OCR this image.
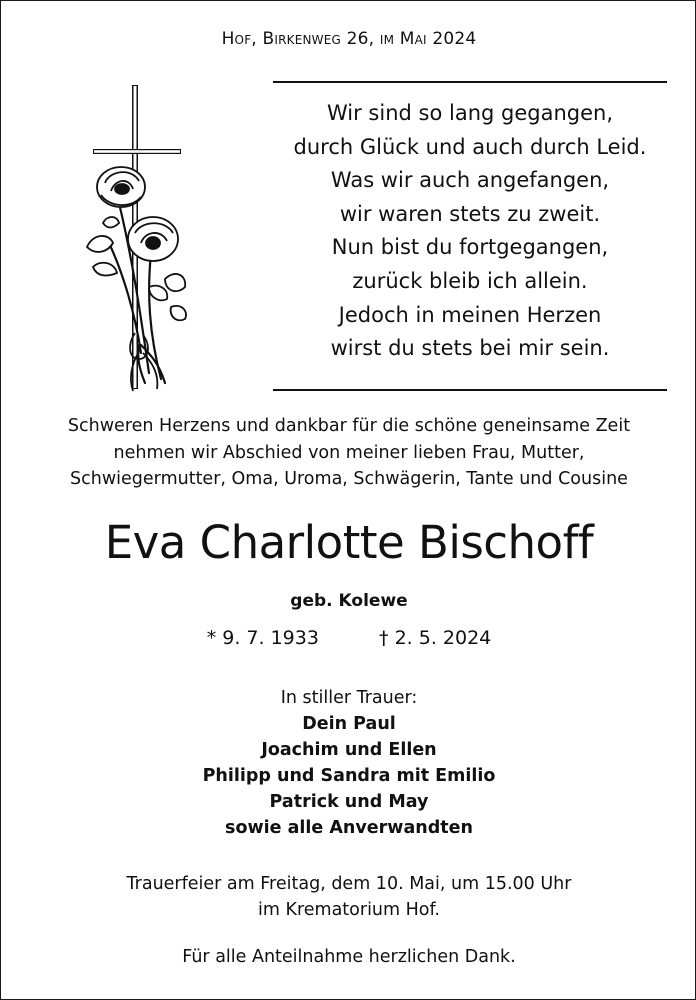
Hof, Birkenweg 26, im Mai 2024
Wir sind so lang gegangen,
durch Glück und auch durch Leid.
Was wir auch angefangen,
wir waren stets zu zweit.
Nun bist du fortgegangen,
zurück bleib ich allein.
Jedoch in meinen Herzen
wirst du stets bei mir sein.
Schweren Herzens und dankbar für die schöne geneinsame Zeit
nehmen wir Abschied von meiner lieben Frau, Mutter,
Schwiegermutter, Oma, Uroma, Schwägerin, Tante und Cousine
Eva Charlotte Bischoff
geb. Kolewe
* 9. 7. 1933	† 2. 5. 2024
In stiller Trauer:
Dein Paul
Joachim und Ellen
Philipp und Sandra mit Emilio
Patrick und May
sowie alle Anverwandten
Trauerfeier am Freitag, dem 10. Mai, um 15.00 Uhr
im Krematorium Hof.
Für alle Anteilnahme herzlichen Dank.
